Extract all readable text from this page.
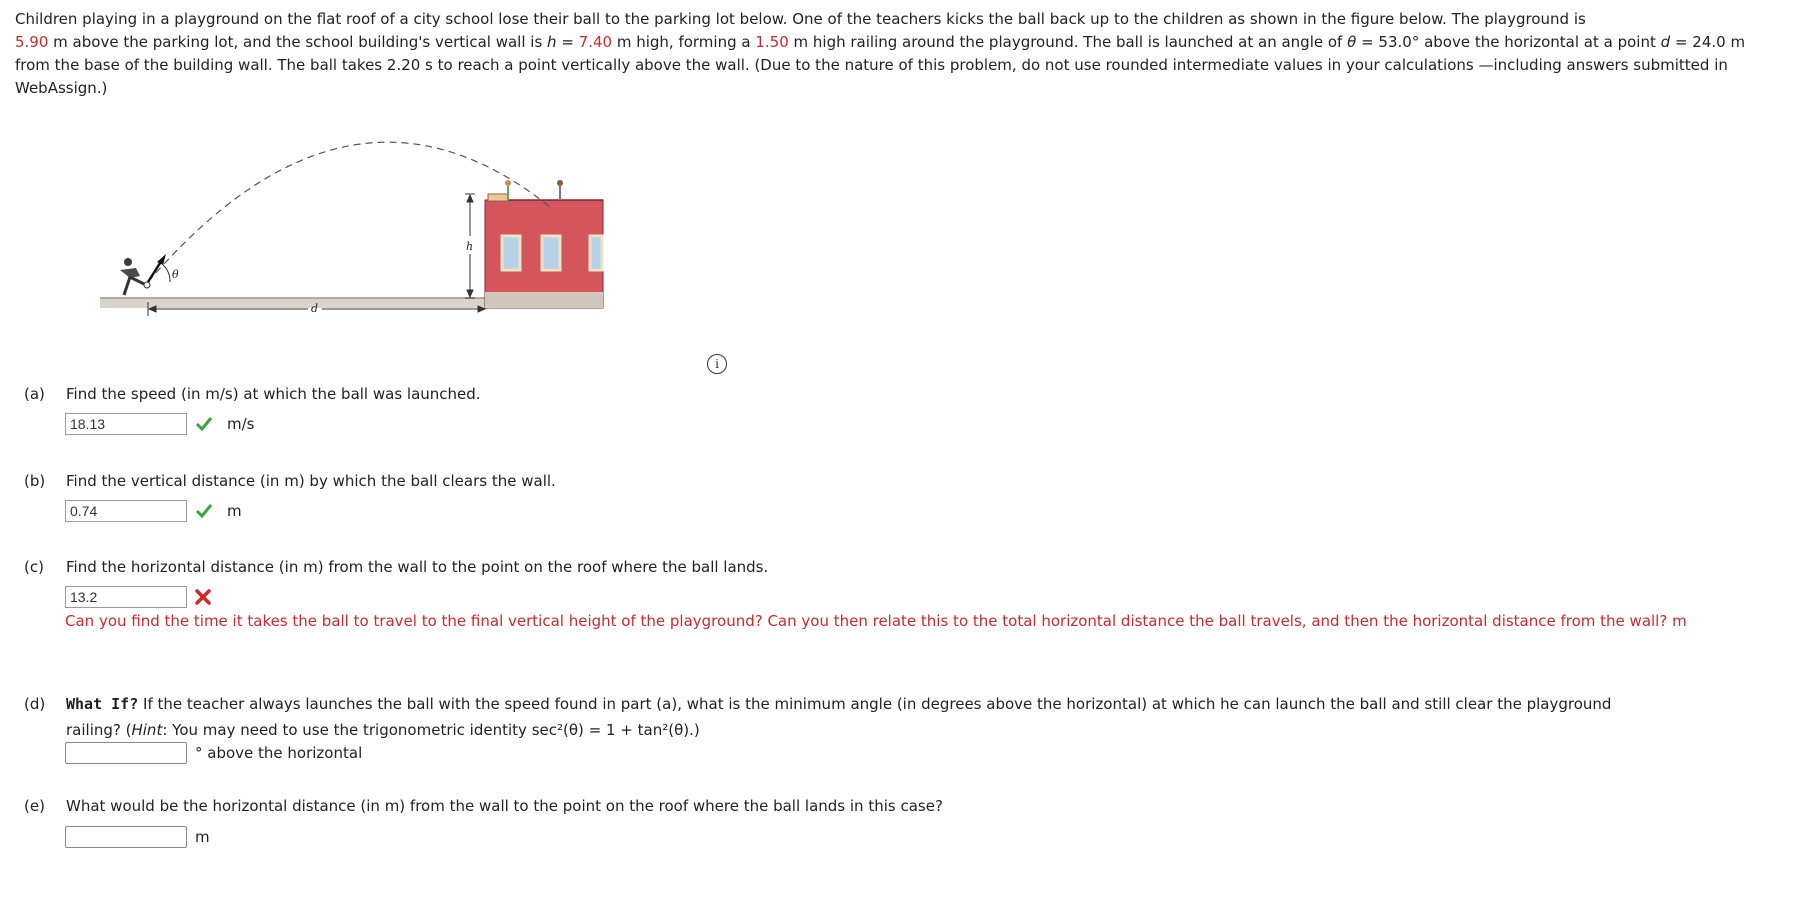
Children playing in a playground on the flat roof of a city school lose their ball to the parking lot below. One of the teachers kicks the ball back up to the children as shown in the figure below. The playground is
5.90 m above the parking lot, and the school building's vertical wall is h = 7.40 m high, forming a 1.50 m high railing around the playground. The ball is launched at an angle of θ = 53.0° above the horizontal at a point d = 24.0 m from the base of the building wall. The ball takes 2.20 s to reach a point vertically above the wall. (Due to the nature of this problem, do not use rounded intermediate values in your calculations —including answers submitted in WebAssign.)
θ
h
d
i
(a) Find the speed (in m/s) at which the ball was launched.
18.13	m/s
(b) Find the vertical distance (in m) by which the ball clears the wall.
0.74	m
(c) Find the horizontal distance (in m) from the wall to the point on the roof where the ball lands.
13.2
Can you find the time it takes the ball to travel to the final vertical height of the playground? Can you then relate this to the total horizontal distance the ball travels, and then the horizontal distance from the wall? m
(d) What If? If the teacher always launches the ball with the speed found in part (a), what is the minimum angle (in degrees above the horizontal) at which he can launch the ball and still clear the playground
railing? (Hint: You may need to use the trigonometric identity sec²(θ) = 1 + tan²(θ).)
° above the horizontal
(e) What would be the horizontal distance (in m) from the wall to the point on the roof where the ball lands in this case?
m
